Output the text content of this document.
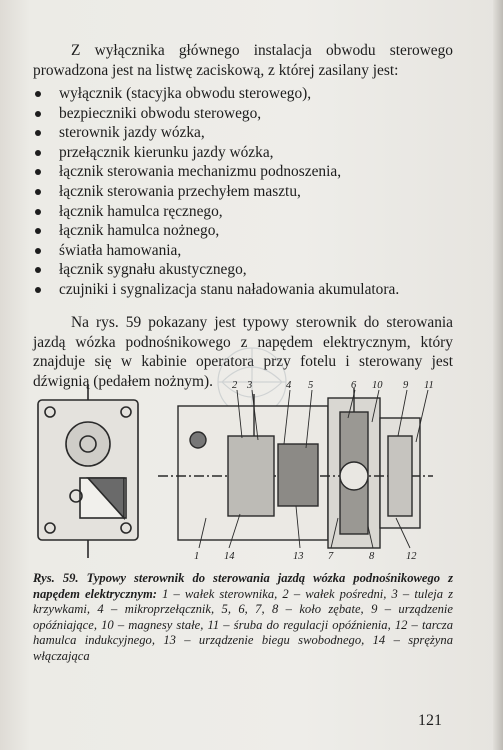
Z wyłącznika głównego instalacja obwodu sterowego prowadzona jest na listwę zaciskową, z której zasilany jest:

wyłącznik (stacyjka obwodu sterowego),
bezpieczniki obwodu sterowego,
sterownik jazdy wózka,
przełącznik kierunku jazdy wózka,
łącznik sterowania mechanizmu podnoszenia,
łącznik sterowania przechyłem masztu,
łącznik hamulca ręcznego,
łącznik hamulca nożnego,
światła hamowania,
łącznik sygnału akustycznego,
czujniki i sygnalizacja stanu naładowania akumulatora.

Na rys. 59 pokazany jest typowy sterownik do sterowania jazdą wózka podnośnikowego z napędem elektrycznym, który znajduje się w kabinie operatora przy fotelu i sterowany jest dźwignią (pedałem nożnym).	2 3	4 5	6 10 9 11
1 14	13 7	8	12

Rys. 59. Typowy sterownik do sterowania jazdą wózka podnośnikowego z napędem elektrycznym: 1 – wałek sterownika, 2 – wałek pośredni, 3 – tuleja z krzywkami, 4 – mikroprzełącznik, 5, 6, 7, 8 – koło zębate, 9 – urządzenie opóźniające, 10 – magnesy stałe, 11 – śruba do regulacji opóźnienia, 12 – tarcza hamulca indukcyjnego, 13 – urządzenie biegu swobodnego, 14 – sprężyna włączająca

121
